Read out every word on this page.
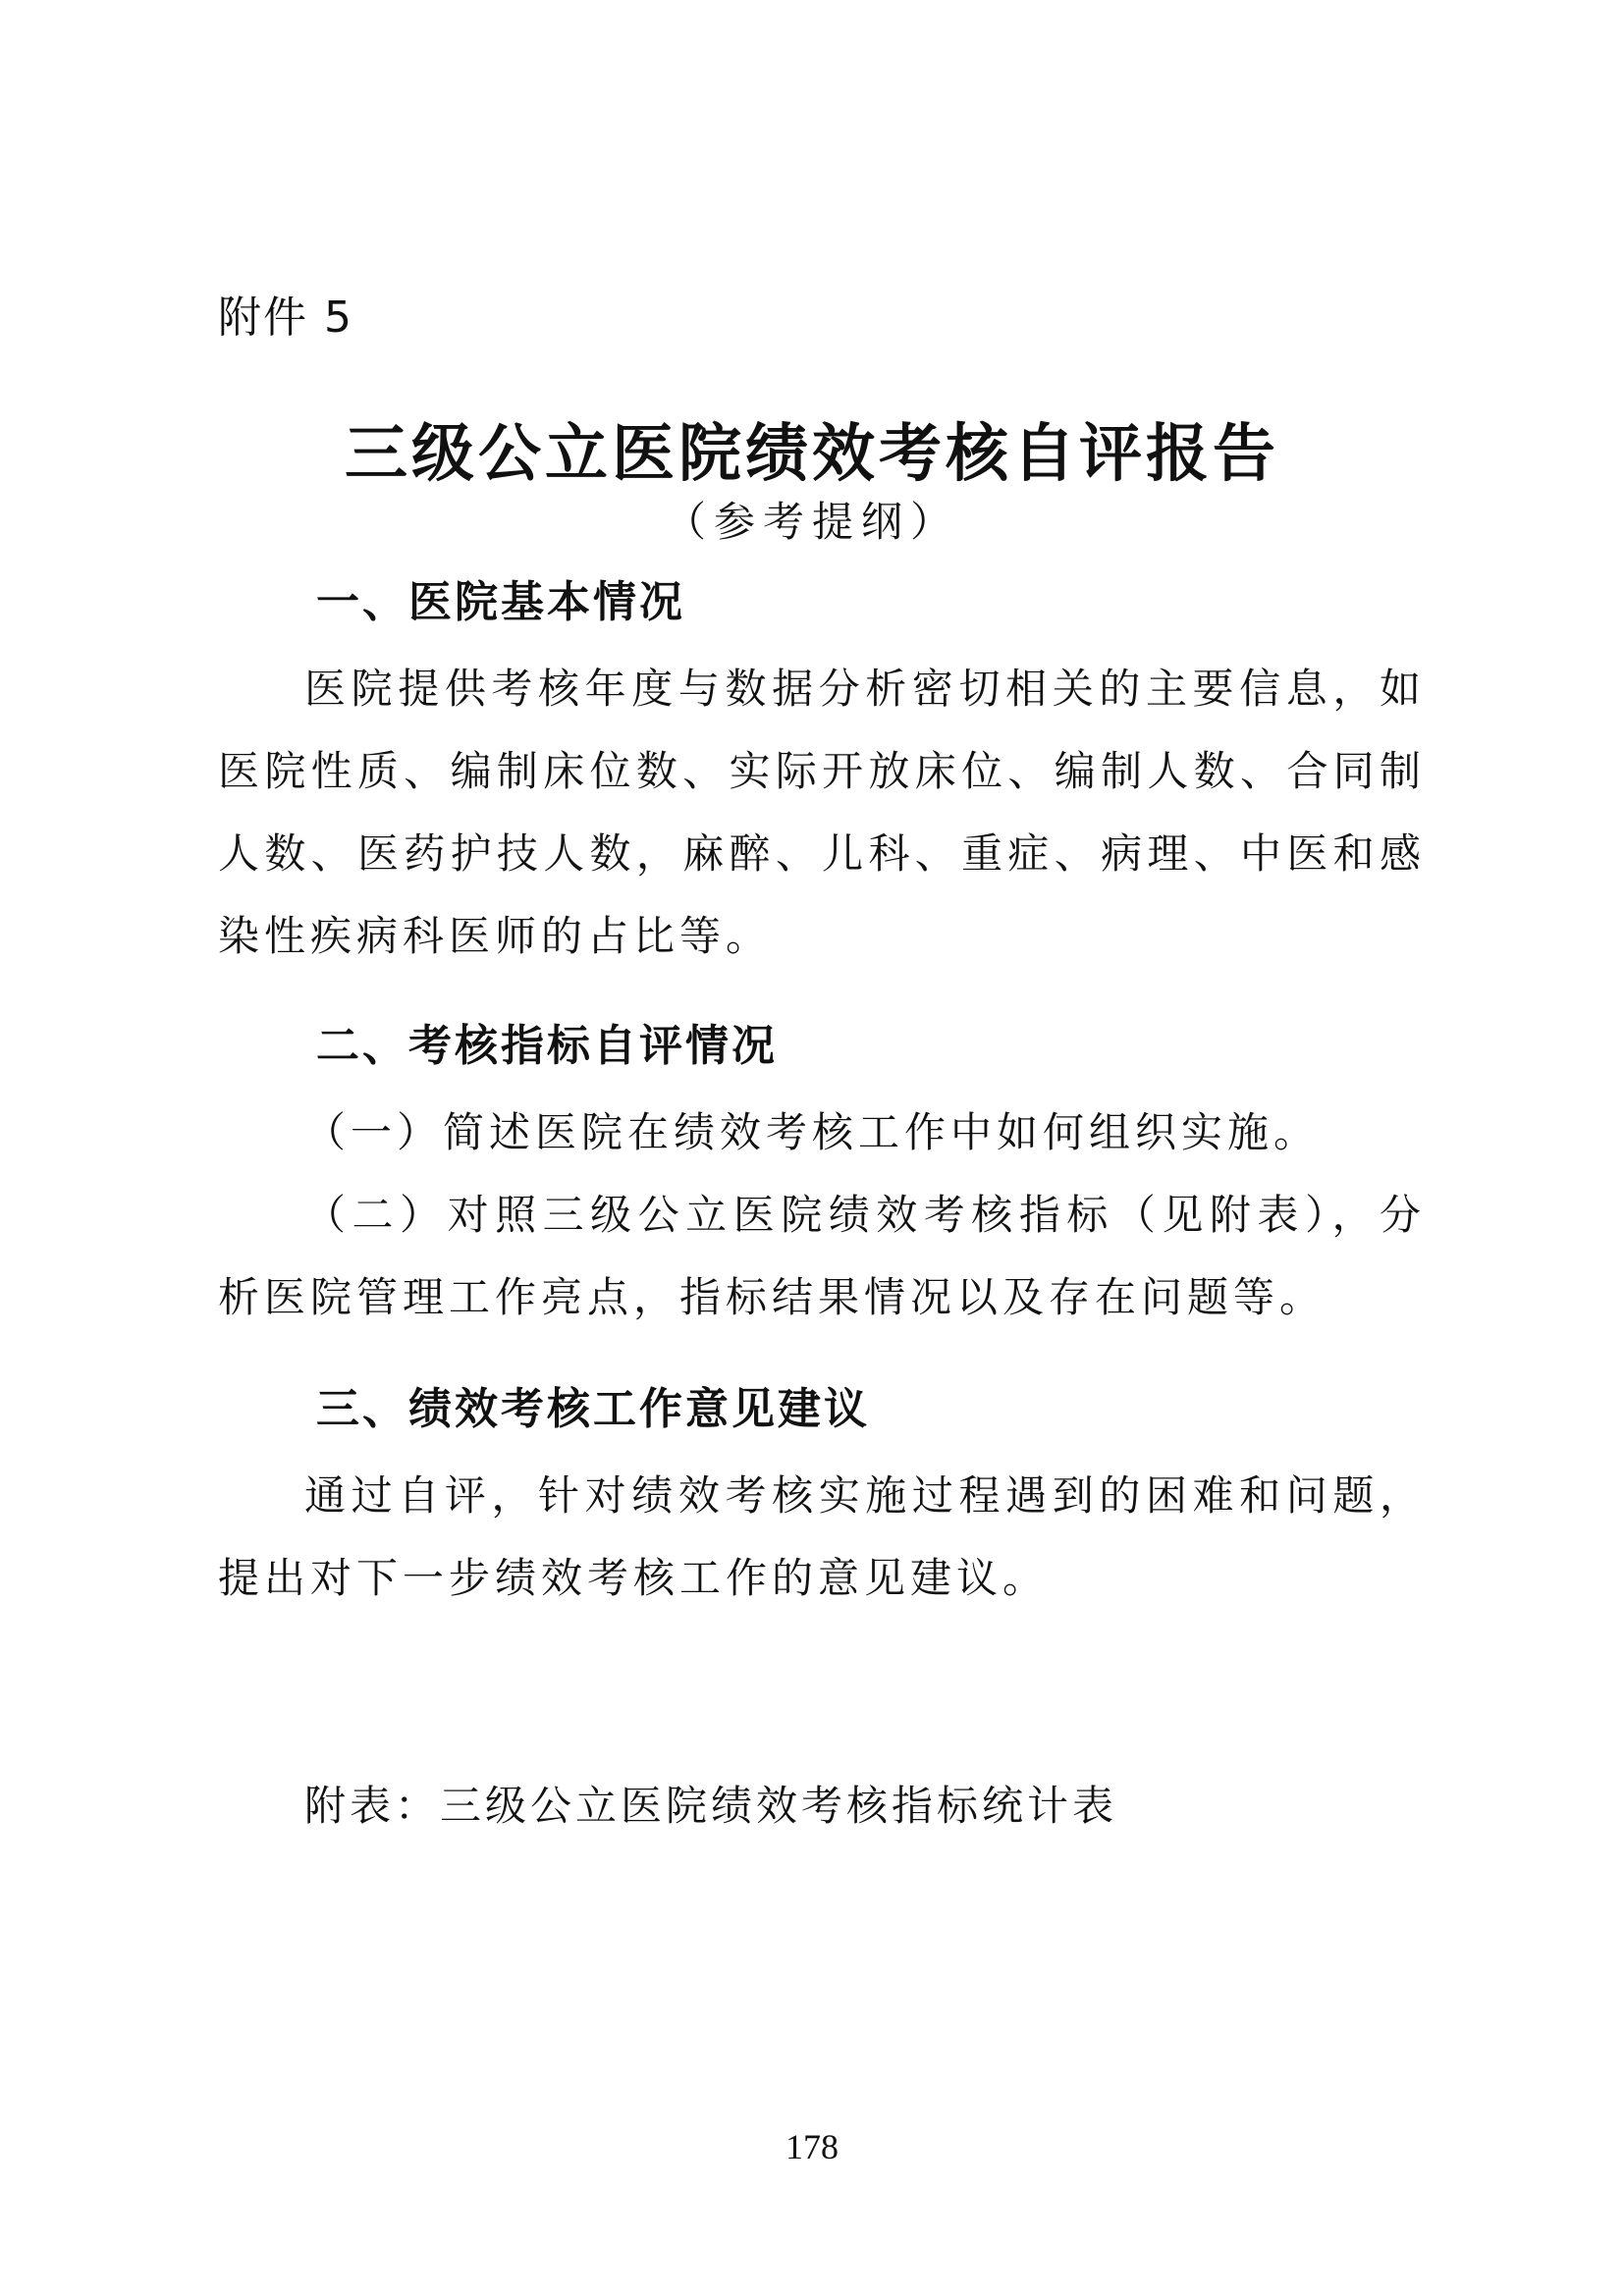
附件 5
三级公立医院绩效考核自评报告
（参考提纲）
一、医院基本情况
医院提供考核年度与数据分析密切相关的主要信息，如医院性质、编制床位数、实际开放床位、编制人数、合同制人数、医药护技人数，麻醉、儿科、重症、病理、中医和感染性疾病科医师的占比等。
二、考核指标自评情况
（一）简述医院在绩效考核工作中如何组织实施。
（二）对照三级公立医院绩效考核指标（见附表），分析医院管理工作亮点，指标结果情况以及存在问题等。
三、绩效考核工作意见建议
通过自评，针对绩效考核实施过程遇到的困难和问题，提出对下一步绩效考核工作的意见建议。
附表：三级公立医院绩效考核指标统计表
178
